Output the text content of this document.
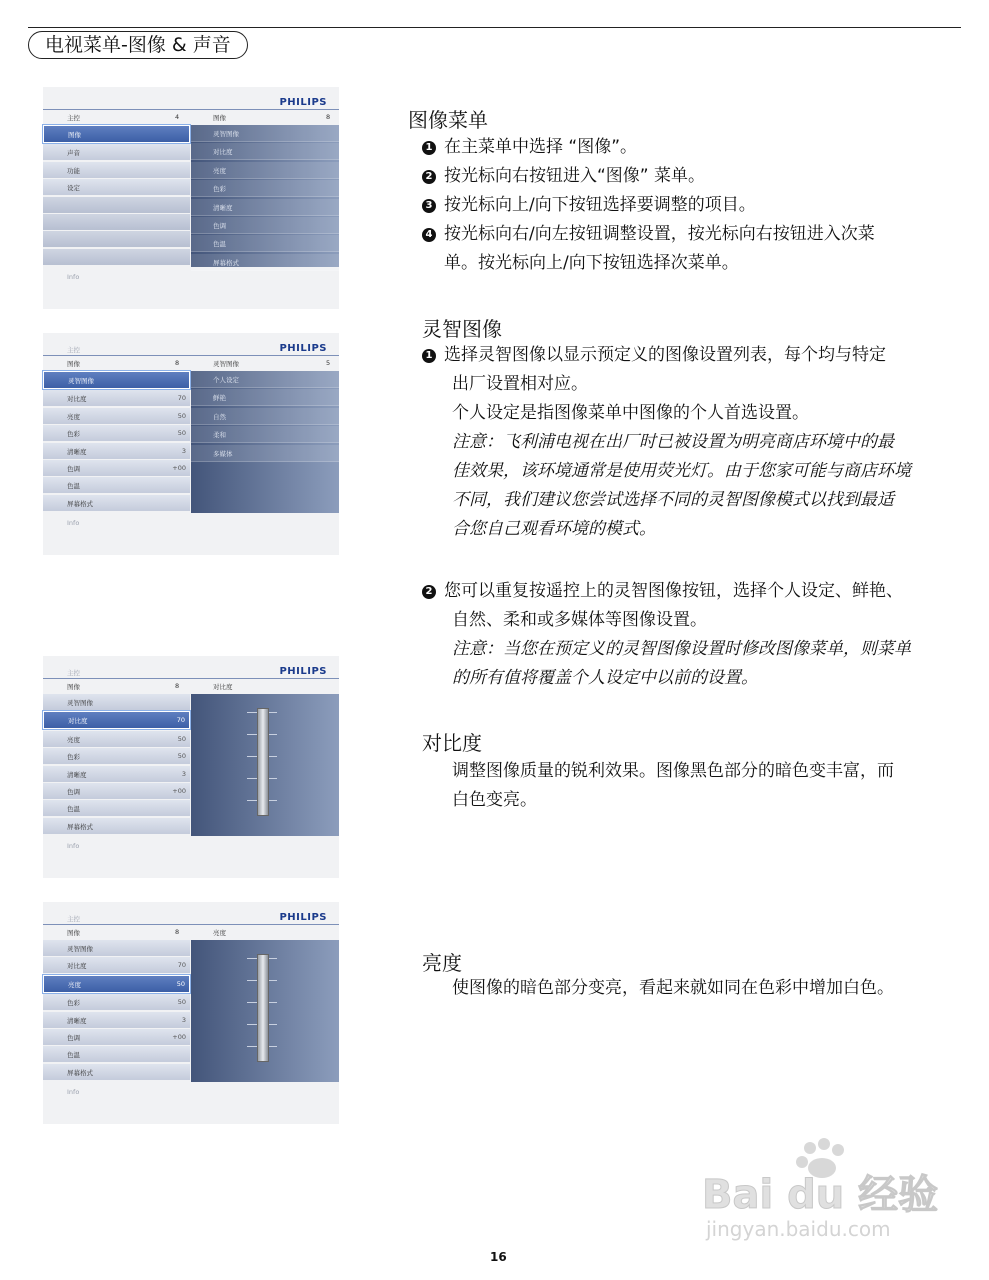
电视菜单-图像 & 声音
PHILIPS
主控	4	图像	8
图像
声音
功能
设定
灵智图像
对比度
亮度
色彩
清晰度
色调
色温
屏幕格式
Info
主控	PHILIPS
图像	8	灵智图像	5
灵智图像
对比度	70
亮度	50
色彩	50
清晰度	3
色调	+00
色温
屏幕格式
个人设定
鲜艳
自然
柔和
多媒体
Info
主控	PHILIPS
图像	8	对比度
灵智图像
对比度	70
亮度	50
色彩	50
清晰度	3
色调	+00
色温
屏幕格式
Info
主控	PHILIPS
图像	8	亮度
灵智图像
对比度	70
亮度	50
色彩	50
清晰度	3
色调	+00
色温
屏幕格式
Info
图像菜单
1 在主菜单中选择 “图像”。
2 按光标向右按钮进入“图像” 菜单。
3 按光标向上/向下按钮选择要调整的项目。
4 按光标向右/向左按钮调整设置，按光标向右按钮进入次菜
单。按光标向上/向下按钮选择次菜单。
灵智图像
1 选择灵智图像以显示预定义的图像设置列表，每个均与特定
出厂设置相对应。
个人设定是指图像菜单中图像的个人首选设置。
注意：飞利浦电视在出厂时已被设置为明亮商店环境中的最
佳效果，该环境通常是使用荧光灯。由于您家可能与商店环境
不同，我们建议您尝试选择不同的灵智图像模式以找到最适
合您自己观看环境的模式。
2 您可以重复按遥控上的灵智图像按钮，选择个人设定、鲜艳、
自然、柔和或多媒体等图像设置。
注意：当您在预定义的灵智图像设置时修改图像菜单，则菜单
的所有值将覆盖个人设定中以前的设置。
对比度
调整图像质量的锐利效果。图像黑色部分的暗色变丰富，而
白色变亮。
亮度
使图像的暗色部分变亮，看起来就如同在色彩中增加白色。
Bai du 经验
jingyan.baidu.com
16
